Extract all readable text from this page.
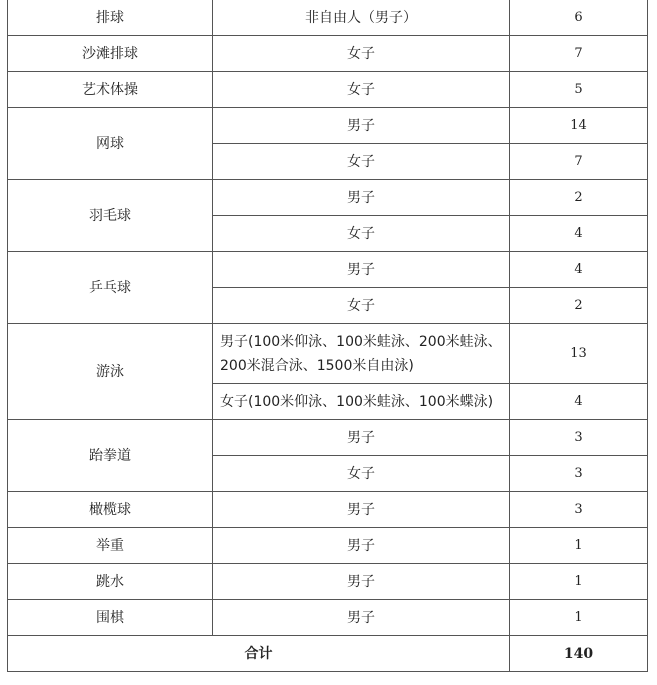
排球	非自由人（男子）	6
沙滩排球	女子	7
艺术体操	女子	5
网球	男子	14
	女子	7
羽毛球	男子	2
	女子	4
乒乓球	男子	4
	女子	2
游泳	男子(100米仰泳、100米蛙泳、200米蛙泳、
200米混合泳、1500米自由泳)	13
	女子(100米仰泳、100米蛙泳、100米蝶泳)	4
跆拳道	男子	3
	女子	3
橄榄球	男子	3
举重	男子	1
跳水	男子	1
围棋	男子	1
合计		140
